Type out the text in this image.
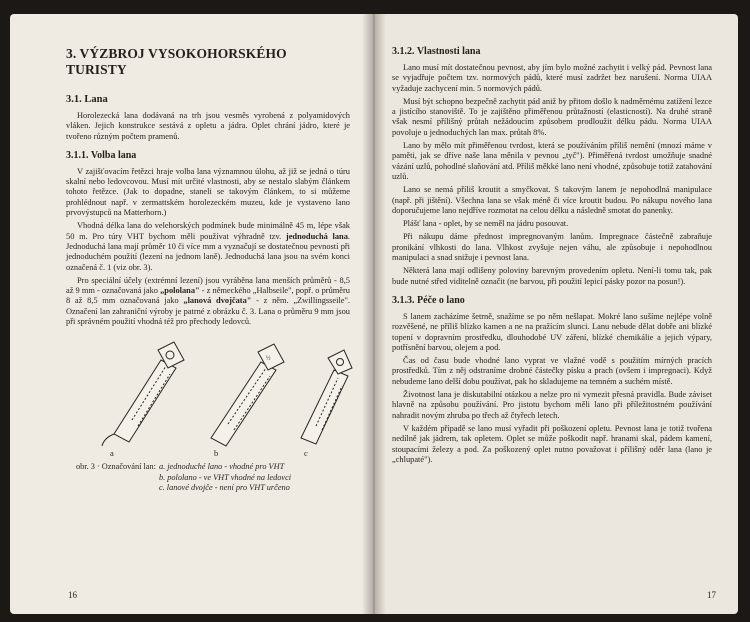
3. VÝZBROJ VYSOKOHORSKÉHO TURISTY
3.1. Lana

Horolezecká lana dodávaná na trh jsou vesměs vyrobená z polyamidových vláken. Jejich konstrukce sestává z opletu a jádra. Oplet chrání jádro, které je tvořeno různým počtem pramenů.

3.1.1. Volba lana

V zajišťovacím řetězci hraje volba lana významnou úlohu, až již se jedná o túru skalní nebo ledovcovou. Musí mít určité vlastnosti, aby se nestalo slabým článkem tohoto řetězce. (Jak to dopadne, staneli se takovým článkem, to si můžeme prohlédnout např. v zermattském horolezeckém muzeu, kde je vystaveno lano prvovýstupců na Matterhorn.)

Vhodná délka lana do velehorských podmínek bude minimálně 45 m, lépe však 50 m. Pro túry VHT bychom měli používat výhradně tzv. jednoduchá lana. Jednoduchá lana mají průměr 10 či více mm a vyznačují se dostatečnou pevností při jednoduchém použití (lezení na jednom laně). Jednoduchá lana jsou na svém konci označená č. 1 (viz obr. 3).

Pro speciální účely (extrémní lezení) jsou vyráběna lana menších průměrů - 8,5 až 9 mm - označovaná jako „pololana" - z německého „Halbseile", popř. o průměru 8 až 8,5 mm označovaná jako „lanová dvojčata" - z něm. „Zwillingsseile". Označení lan zahraniční výroby je patrné z obrázku č. 3. Lana o průměru 9 mm jsou při správném použití vhodná též pro přechody ledovců.

½
a	b	c
obr. 3 · Označování lan: a. jednoduché lano - vhodné pro VHT
b. pololano - ve VHT vhodné na ledovci
c. lanové dvojče - není pro VHT určeno
16
3.1.2. Vlastnosti lana

Lano musí mít dostatečnou pevnost, aby jím bylo možné zachytit i velký pád. Pevnost lana se vyjadřuje počtem tzv. normových pádů, které musí zadržet bez narušení. Norma UIAA vyžaduje zachycení min. 5 normových pádů.

Musí být schopno bezpečně zachytit pád aniž by přitom došlo k nadměrnému zatížení lezce a jistícího stanoviště. To je zajištěno přiměřenou průtažností (elasticností). Na druhé straně však nesmí přílišný průtah nežádoucím způsobem prodloužit délku pádu. Norma UIAA povoluje u jednoduchých lan max. průtah 8%.

Lano by mělo mít přiměřenou tvrdost, která se používáním příliš nemění (mnozí máme v paměti, jak se dříve naše lana měnila v pevnou „tyč"). Přiměřená tvrdost umožňuje snadné vázání uzlů, pohodlné slaňování atd. Příliš měkké lano není vhodné, způsobuje totiž zatahování uzlů.

Lano se nemá příliš kroutit a smyčkovat. S takovým lanem je nepohodlná manipulace (např. při jištění). Všechna lana se však méně či více kroutit budou. Po nákupu nového lana doporučujeme lano nejdříve rozmotat na celou délku a následně smotat do panenky.

Plášť lana - oplet, by se neměl na jádru posouvat.

Při nákupu dáme přednost impregnovaným lanům. Impregnace částečně zabraňuje pronikání vlhkosti do lana. Vlhkost zvyšuje nejen váhu, ale způsobuje i nepohodlnou manipulaci a snad snižuje i pevnost lana.

Některá lana mají odlišeny poloviny barevným provedením opletu. Není-li tomu tak, pak bude nutné střed viditelně označit (ne barvou, při použití lepicí pásky pozor na posun!).

3.1.3. Péče o lano

S lanem zacházíme šetrně, snažíme se po něm nešlapat. Mokré lano sušíme nejlépe volně rozvěšené, ne příliš blízko kamen a ne na pražícím slunci. Lanu nebude dělat dobře ani blízké topení v dopravním prostředku, dlouhodobé UV záření, blízké chemikálie a jejich výpary, potřísnění barvou, olejem a pod.

Čas od času bude vhodné lano vyprat ve vlažné vodě s použitím mírných pracích prostředků. Tím z něj odstraníme drobné částečky písku a prach (ovšem i impregnaci). Když nebudeme lano delší dobu používat, pak ho skladujeme na temném a suchém místě.

Životnost lana je diskutabilní otázkou a nelze pro ni vymezit přesná pravidla. Bude záviset hlavně na způsobu používání. Pro jistotu bychom měli lano při příležitostném používání nahradit novým zhruba po třech až čtyřech letech.

V každém případě se lano musí vyřadit při poškození opletu. Pevnost lana je totiž tvořena nedílně jak jádrem, tak opletem. Oplet se může poškodit např. hranami skal, pádem kamení, stoupacími železy a pod. Za poškozený oplet nutno považovat i přílišný oděr lana (lano je „chlupaté").

17
